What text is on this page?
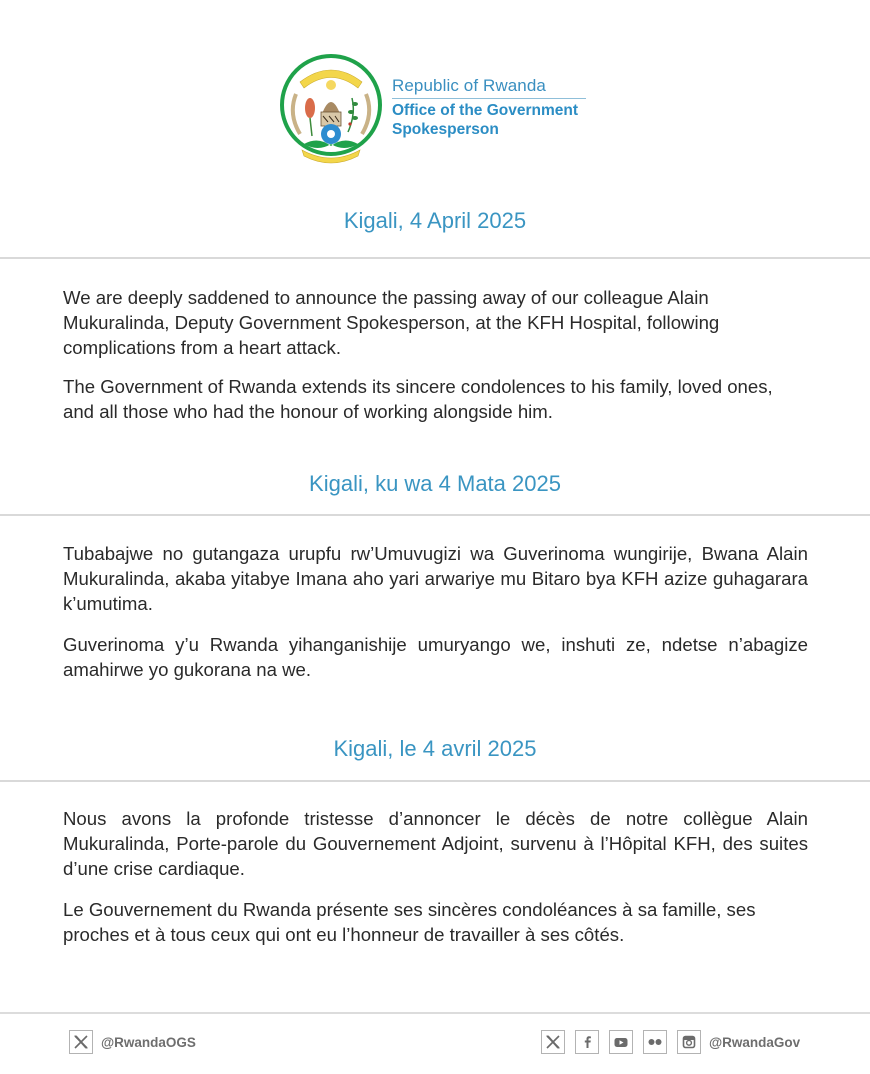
Republic of Rwanda
Office of the Government
Spokesperson
Kigali, 4 April 2025

We are deeply saddened to announce the passing away of our colleague Alain Mukuralinda, Deputy Government Spokesperson, at the KFH Hospital, following complications from a heart attack.

The Government of Rwanda extends its sincere condolences to his family, loved ones, and all those who had the honour of working alongside him.

Kigali, ku wa 4 Mata 2025

Tubabajwe no gutangaza urupfu rw’Umuvugizi wa Guverinoma wungirije, Bwana Alain Mukuralinda, akaba yitabye Imana aho yari arwariye mu Bitaro bya KFH azize guhagarara k’umutima.

Guverinoma y’u Rwanda yihanganishije umuryango we, inshuti ze, ndetse n’abagize amahirwe yo gukorana na we.

Kigali, le 4 avril 2025

Nous avons la profonde tristesse d’annoncer le décès de notre collègue Alain Mukuralinda, Porte-parole du Gouvernement Adjoint, survenu à l’Hôpital KFH, des suites d’une crise cardiaque.

Le Gouvernement du Rwanda présente ses sincères condoléances à sa famille, ses proches et à tous ceux qui ont eu l’honneur de travailler à ses côtés.

@RwandaOGS	@RwandaGov
